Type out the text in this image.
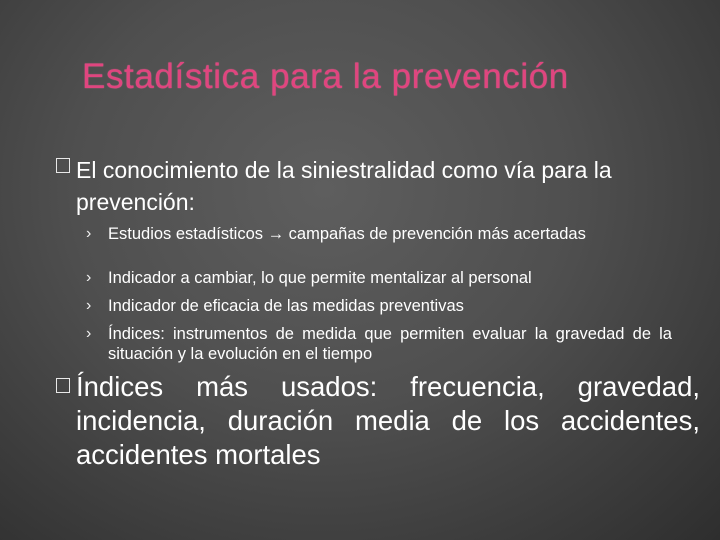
Estadística para la prevención
El conocimiento de la siniestralidad como vía para la prevención:
› Estudios estadísticos → campañas de prevención más acertadas
› Indicador a cambiar, lo que permite mentalizar al personal
› Indicador de eficacia de las medidas preventivas
› Índices: instrumentos de medida que permiten evaluar la gravedad de la situación y la evolución en el tiempo
Índices más usados: frecuencia, gravedad, incidencia, duración media de los accidentes, accidentes mortales
